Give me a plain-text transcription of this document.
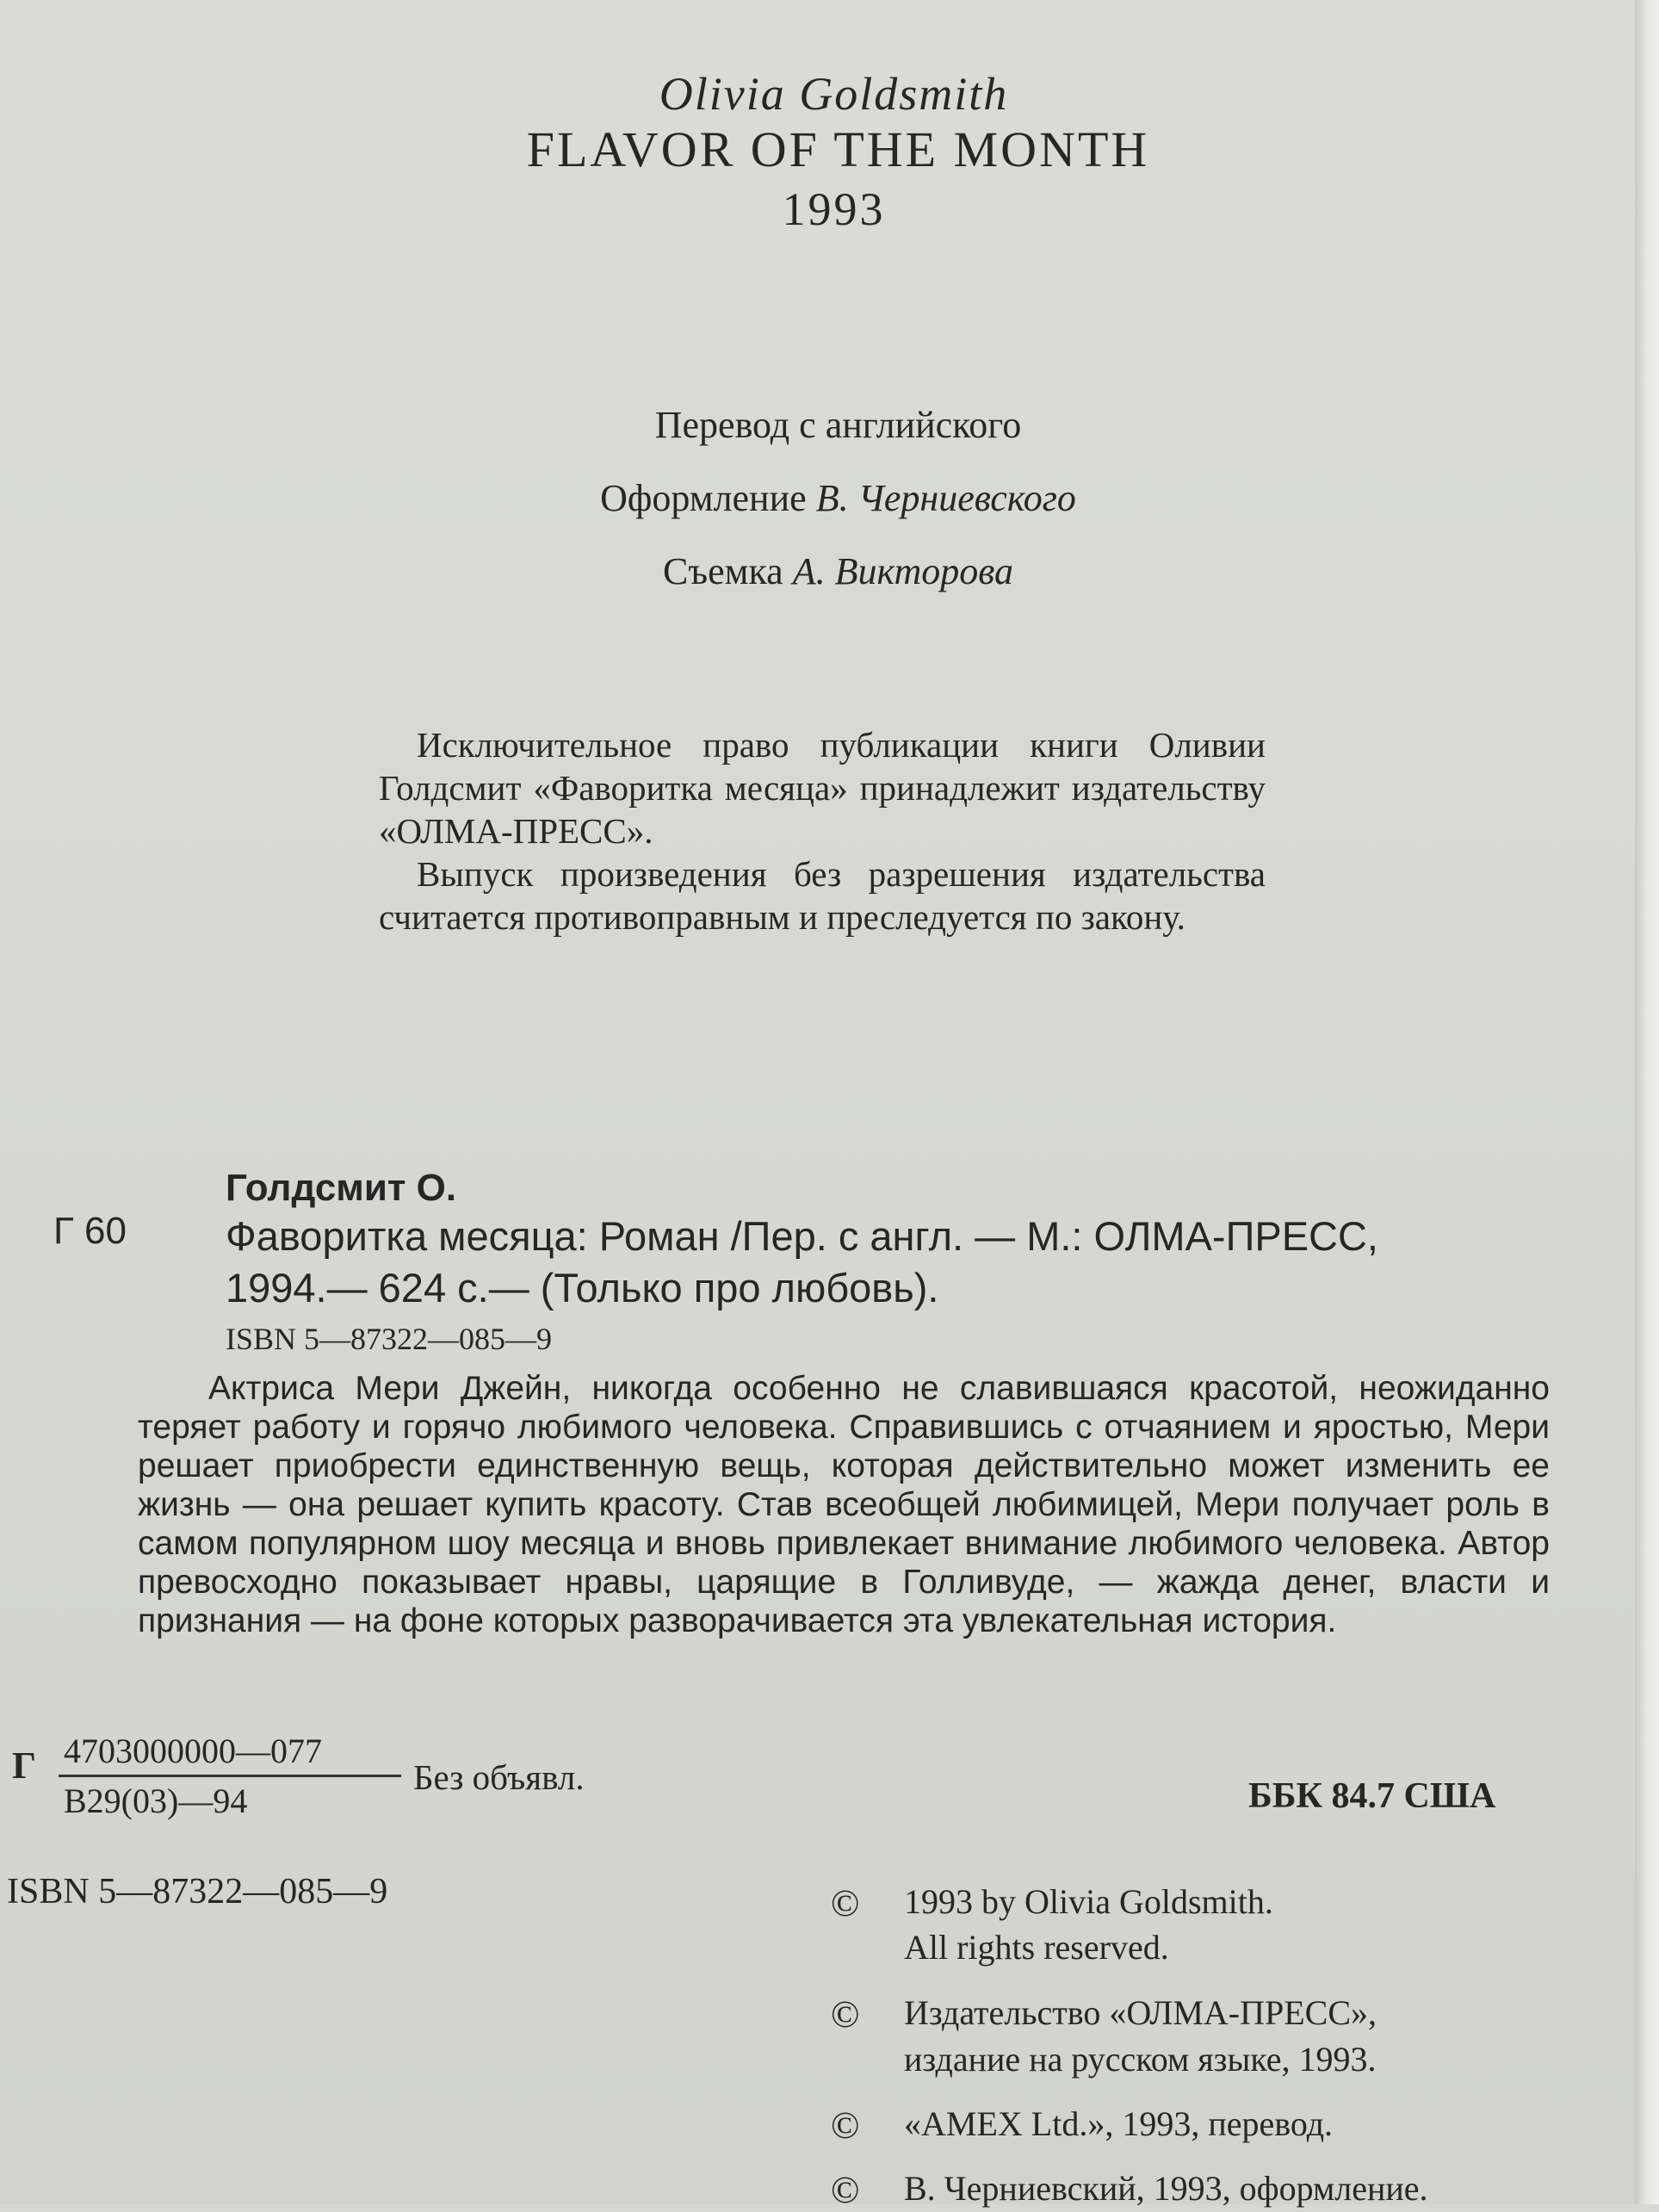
Olivia Goldsmith
FLAVOR OF THE MONTH
1993
Перевод с английского
Оформление В. Черниевского
Съемка А. Викторова

Исключительное право публикации книги Оливии Голдсмит «Фаворитка месяца» принадлежит издательству «ОЛМА-ПРЕСС».

Выпуск произведения без разрешения издательства считается противоправным и преследуется по закону.

Голдсмит О.
Г 60 Фаворитка месяца: Роман /Пер. с англ. — М.: ОЛМА-ПРЕСС,
1994.— 624 с.— (Только про любовь).
ISBN 5—87322—085—9

Актриса Мери Джейн, никогда особенно не славившаяся красотой, неожиданно теряет работу и горячо любимого человека. Справившись с отчаянием и яростью, Мери решает приобрести единственную вещь, которая действительно может изменить ее жизнь — она решает купить красоту. Став всеобщей любимицей, Мери получает роль в самом популярном шоу месяца и вновь привлекает внимание любимого человека. Автор превосходно показывает нравы, царящие в Голливуде, — жажда денег, власти и признания — на фоне которых разворачивается эта увлекательная история.

Г 4703000000—077
В29(03)—94
Без объявл.	ББК 84.7 США
ISBN 5—87322—085—9	© 1993 by Olivia Goldsmith.
All rights reserved.
© Издательство «ОЛМА-ПРЕСС»,
издание на русском языке, 1993.
© «AMEX Ltd.», 1993, перевод.
© В. Черниевский, 1993, оформление.
